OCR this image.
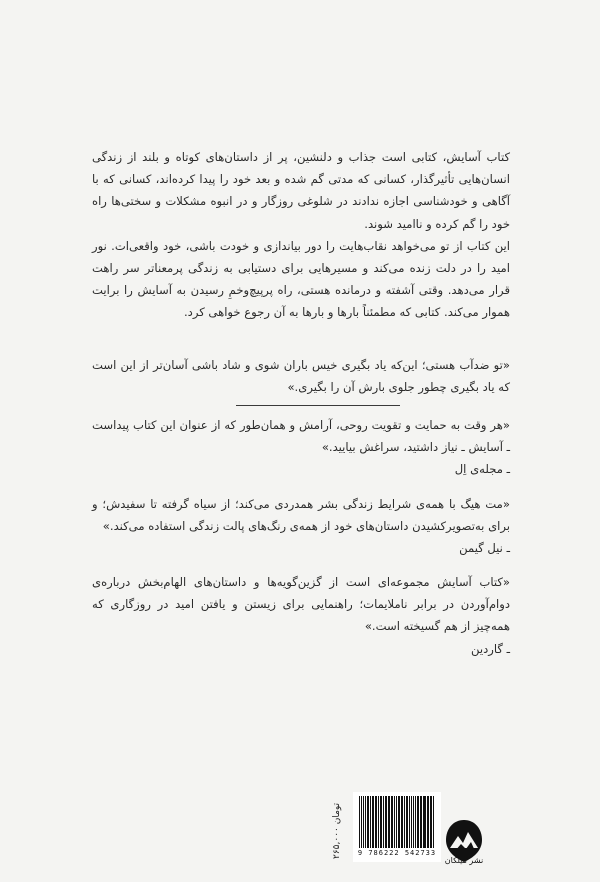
کتاب آسایش، کتابی است جذاب و دلنشین، پر از داستان‌های کوتاه و بلند از زندگی انسان‌هایی تأثیرگذار، کسانی که مدتی گم شده و بعد خود را پیدا کرده‌اند، کسانی که با آگاهی و خودشناسی اجازه ندادند در شلوغی روزگار و در انبوه مشکلات و سختی‌ها راه خود را گم کرده و ناامید شوند.

این کتاب از تو می‌خواهد نقاب‌هایت را دور بیاندازی و خودت باشی، خود واقعی‌ات. نور امید را در دلت زنده می‌کند و مسیرهایی برای دستیابی به زندگی پرمعناتر سر راهت قرار می‌دهد. وقتی آشفته و درمانده هستی، راه پرپیچ‌وخمِ رسیدن به آسایش را برایت هموار می‌کند. کتابی که مطمئناً بارها و بارها به آن رجوع خواهی کرد.

«تو ضدآب هستی؛ این‌که یاد بگیری خیس باران شوی و شاد باشی آسان‌تر از این است که یاد بگیری چطور جلوی بارش آن را بگیری.»

«هر وقت به حمایت و تقویت روحی، آرامش و همان‌طور که از عنوان این کتاب پیداست ـ آسایش ـ نیاز داشتید، سراغش بیایید.»

ـ مجله‌ی اِل

«مت هیگ با همه‌ی شرایط زندگی بشر همدردی می‌کند؛ از سیاه گرفته تا سفیدش؛ و برای به‌تصویرکشیدن داستان‌های خود از همه‌ی رنگ‌های پالت زندگی استفاده می‌کند.»

ـ نیل گیمن

«کتاب آسایش مجموعه‌ای است از گزین‌گویه‌ها و داستان‌های الهام‌بخش درباره‌ی دوام‌آوردن در برابر ناملایمات؛ راهنمایی برای زیستن و یافتن امید در روزگاری که همه‌چیز از هم گسیخته است.»

ـ گاردین

۲۶۵,۰۰۰ تومان
9 786222 542733
نشر میلکان
